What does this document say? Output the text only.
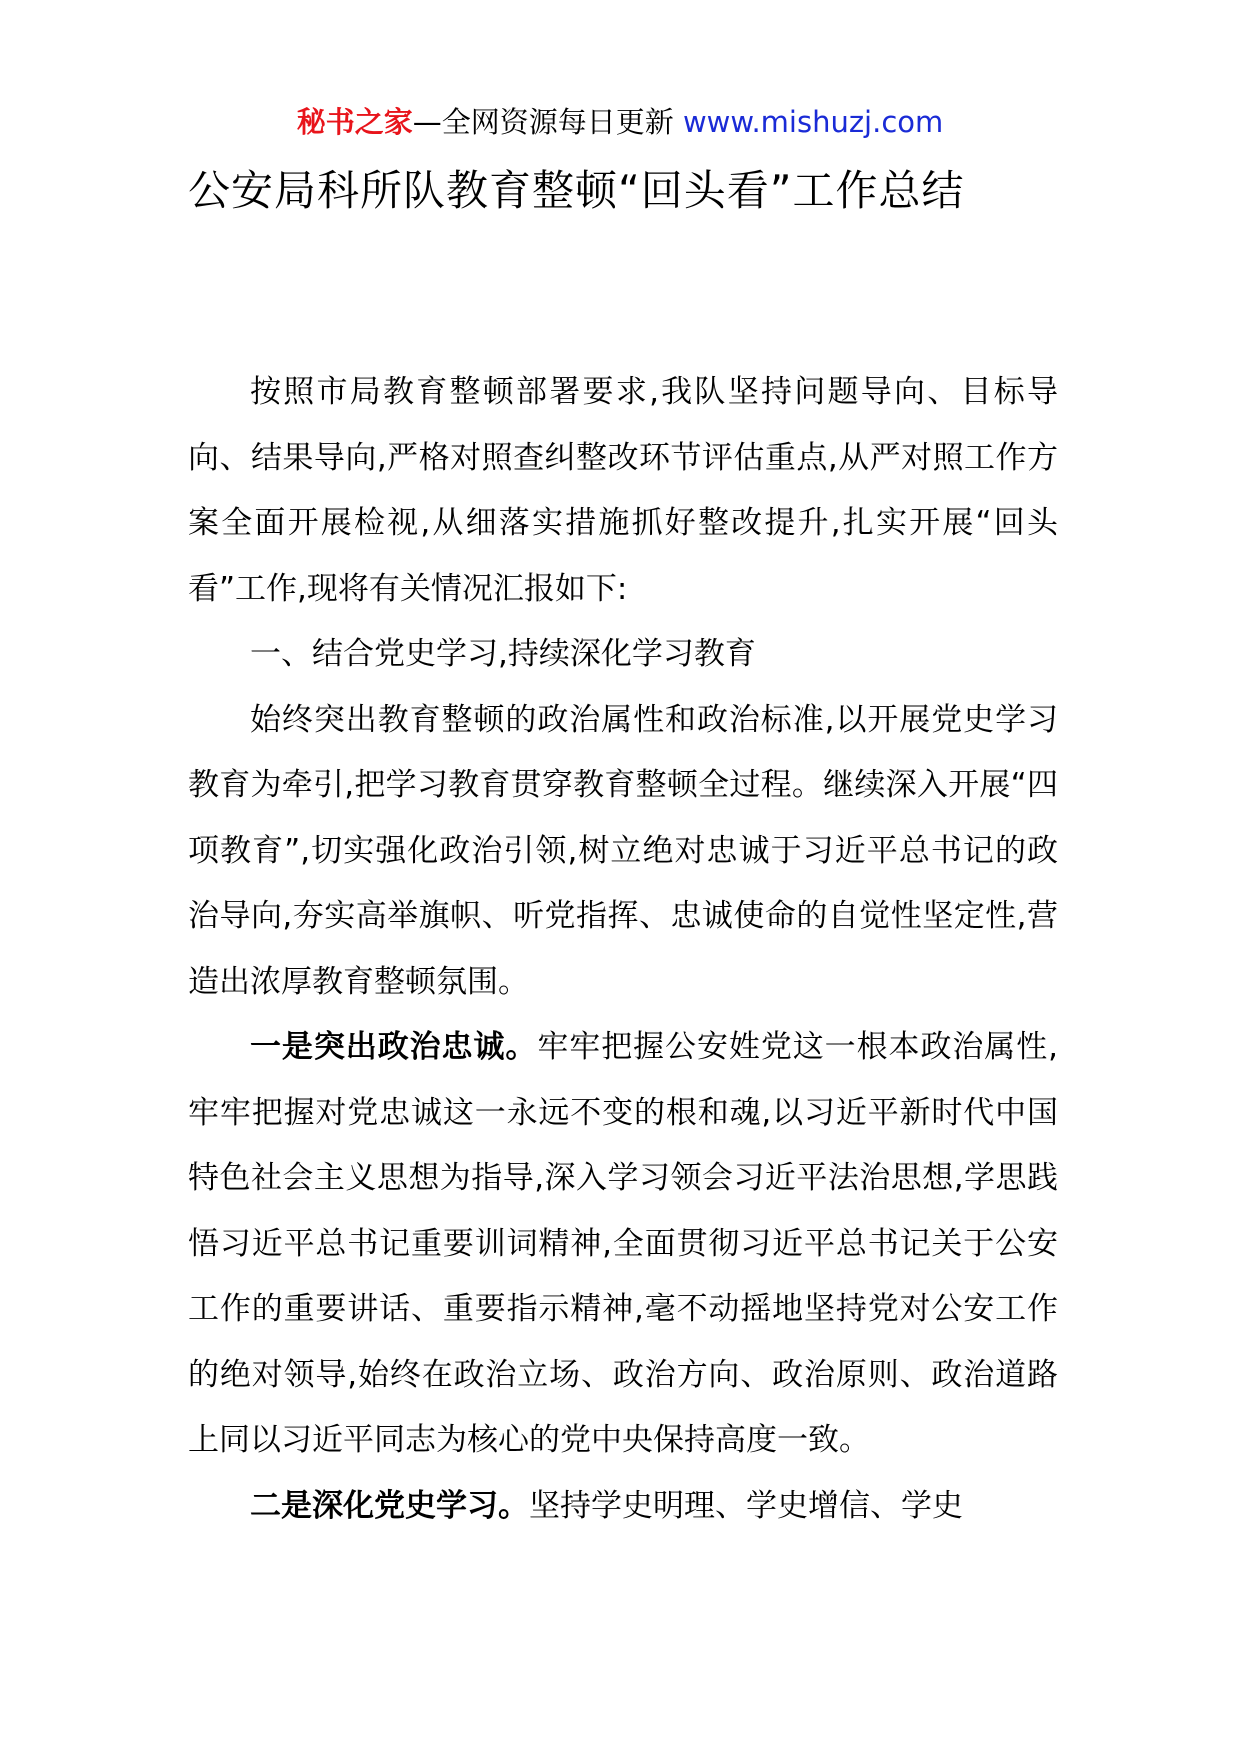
秘书之家—全网资源每日更新 www.mishuzj.com
公安局科所队教育整顿“回头看”工作总结

按照市局教育整顿部署要求,我队坚持问题导向、目标导向、结果导向,严格对照查纠整改环节评估重点,从严对照工作方案全面开展检视,从细落实措施抓好整改提升,扎实开展“回头看”工作,现将有关情况汇报如下:

一、结合党史学习,持续深化学习教育

始终突出教育整顿的政治属性和政治标准,以开展党史学习教育为牵引,把学习教育贯穿教育整顿全过程。继续深入开展“四项教育”,切实强化政治引领,树立绝对忠诚于习近平总书记的政治导向,夯实高举旗帜、听党指挥、忠诚使命的自觉性坚定性,营造出浓厚教育整顿氛围。

一是突出政治忠诚。牢牢把握公安姓党这一根本政治属性,牢牢把握对党忠诚这一永远不变的根和魂,以习近平新时代中国特色社会主义思想为指导,深入学习领会习近平法治思想,学思践悟习近平总书记重要训词精神,全面贯彻习近平总书记关于公安工作的重要讲话、重要指示精神,毫不动摇地坚持党对公安工作的绝对领导,始终在政治立场、政治方向、政治原则、政治道路上同以习近平同志为核心的党中央保持高度一致。

二是深化党史学习。坚持学史明理、学史增信、学史
